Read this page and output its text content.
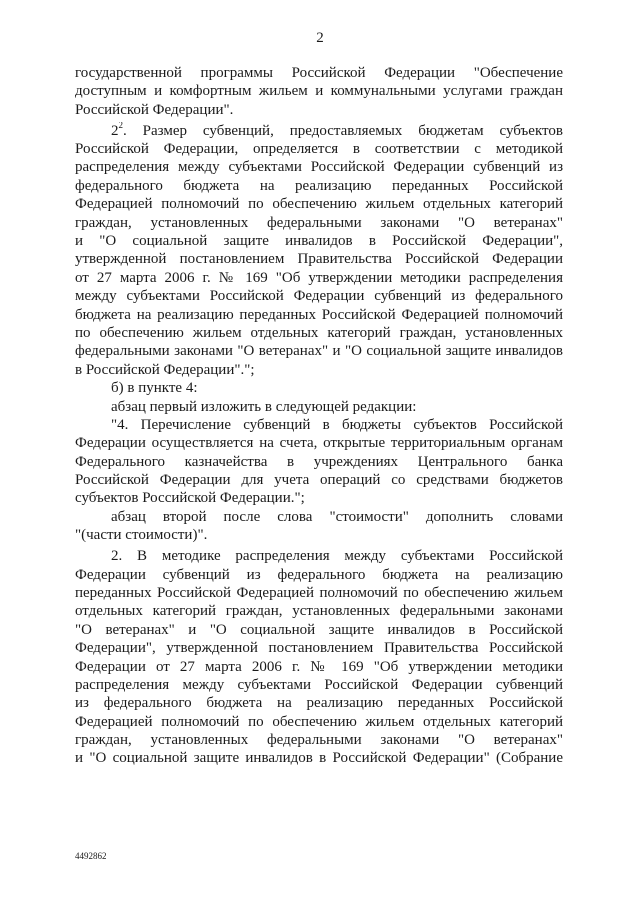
2
государственной программы Российской Федерации "Обеспечение
доступным и комфортным жильем и коммунальными услугами граждан
Российской Федерации".
$2^2$. Размер субвенций, предоставляемых бюджетам субъектов
Российской Федерации, определяется в соответствии с методикой
распределения между субъектами Российской Федерации субвенций из
федерального бюджета на реализацию переданных Российской
Федерацией полномочий по обеспечению жильем отдельных категорий
граждан, установленных федеральными законами "О ветеранах"
и "О социальной защите инвалидов в Российской Федерации",
утвержденной постановлением Правительства Российской Федерации
от 27 марта 2006 г. № 169 "Об утверждении методики распределения
между субъектами Российской Федерации субвенций из федерального
бюджета на реализацию переданных Российской Федерацией полномочий
по обеспечению жильем отдельных категорий граждан, установленных
федеральными законами "О ветеранах" и "О социальной защите инвалидов
в Российской Федерации".";
б) в пункте 4:
абзац первый изложить в следующей редакции:
"4. Перечисление субвенций в бюджеты субъектов Российской
Федерации осуществляется на счета, открытые территориальным органам
Федерального казначейства в учреждениях Центрального банка
Российской Федерации для учета операций со средствами бюджетов
субъектов Российской Федерации.";
абзац второй после слова "стоимости" дополнить словами
"(части стоимости)".
2. В методике распределения между субъектами Российской
Федерации субвенций из федерального бюджета на реализацию
переданных Российской Федерацией полномочий по обеспечению жильем
отдельных категорий граждан, установленных федеральными законами
"О ветеранах" и "О социальной защите инвалидов в Российской
Федерации", утвержденной постановлением Правительства Российской
Федерации от 27 марта 2006 г. № 169 "Об утверждении методики
распределения между субъектами Российской Федерации субвенций
из федерального бюджета на реализацию переданных Российской
Федерацией полномочий по обеспечению жильем отдельных категорий
граждан, установленных федеральными законами "О ветеранах"
и "О социальной защите инвалидов в Российской Федерации" (Собрание
4492862
